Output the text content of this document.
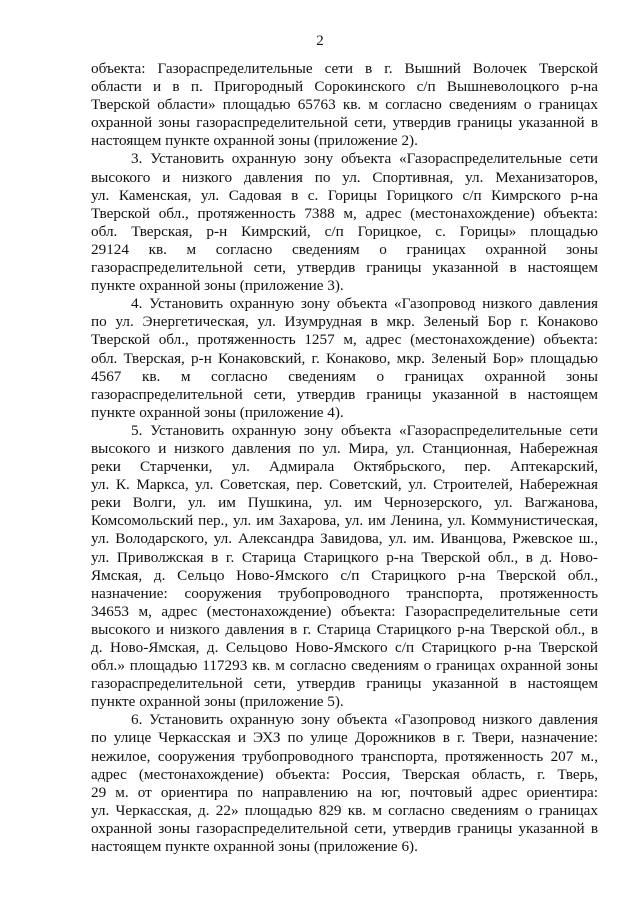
2
объекта: Газораспределительные сети в г. Вышний Волочек Тверской
области и в п. Пригородный Сорокинского с/п Вышневолоцкого р-на
Тверской области» площадью 65763 кв. м согласно сведениям о границах
охранной зоны газораспределительной сети, утвердив границы указанной в
настоящем пункте охранной зоны (приложение 2).
3. Установить охранную зону объекта «Газораспределительные сети
высокого и низкого давления по ул. Спортивная, ул. Механизаторов,
ул. Каменская, ул. Садовая в с. Горицы Горицкого с/п Кимрского р-на
Тверской обл., протяженность 7388 м, адрес (местонахождение) объекта:
обл. Тверская, р-н Кимрский, с/п Горицкое, с. Горицы» площадью
29124 кв. м согласно сведениям о границах охранной зоны
газораспределительной сети, утвердив границы указанной в настоящем
пункте охранной зоны (приложение 3).
4. Установить охранную зону объекта «Газопровод низкого давления
по ул. Энергетическая, ул. Изумрудная в мкр. Зеленый Бор г. Конаково
Тверской обл., протяженность 1257 м, адрес (местонахождение) объекта:
обл. Тверская, р-н Конаковский, г. Конаково, мкр. Зеленый Бор» площадью
4567 кв. м согласно сведениям о границах охранной зоны
газораспределительной сети, утвердив границы указанной в настоящем
пункте охранной зоны (приложение 4).
5. Установить охранную зону объекта «Газораспределительные сети
высокого и низкого давления по ул. Мира, ул. Станционная, Набережная
реки Старченки, ул. Адмирала Октябрьского, пер. Аптекарский,
ул. К. Маркса, ул. Советская, пер. Советский, ул. Строителей, Набережная
реки Волги, ул. им Пушкина, ул. им Чернозерского, ул. Вагжанова,
Комсомольский пер., ул. им Захарова, ул. им Ленина, ул. Коммунистическая,
ул. Володарского, ул. Александра Завидова, ул. им. Иванцова, Ржевское ш.,
ул. Приволжская в г. Старица Старицкого р-на Тверской обл., в д. Ново-
Ямская, д. Сельцо Ново-Ямского с/п Старицкого р-на Тверской обл.,
назначение: сооружения трубопроводного транспорта, протяженность
34653 м, адрес (местонахождение) объекта: Газораспределительные сети
высокого и низкого давления в г. Старица Старицкого р-на Тверской обл., в
д. Ново-Ямская, д. Сельцово Ново-Ямского с/п Старицкого р-на Тверской
обл.» площадью 117293 кв. м согласно сведениям о границах охранной зоны
газораспределительной сети, утвердив границы указанной в настоящем
пункте охранной зоны (приложение 5).
6. Установить охранную зону объекта «Газопровод низкого давления
по улице Черкасская и ЭХЗ по улице Дорожников в г. Твери, назначение:
нежилое, сооружения трубопроводного транспорта, протяженность 207 м.,
адрес (местонахождение) объекта: Россия, Тверская область, г. Тверь,
29 м. от ориентира по направлению на юг, почтовый адрес ориентира:
ул. Черкасская, д. 22» площадью 829 кв. м согласно сведениям о границах
охранной зоны газораспределительной сети, утвердив границы указанной в
настоящем пункте охранной зоны (приложение 6).
